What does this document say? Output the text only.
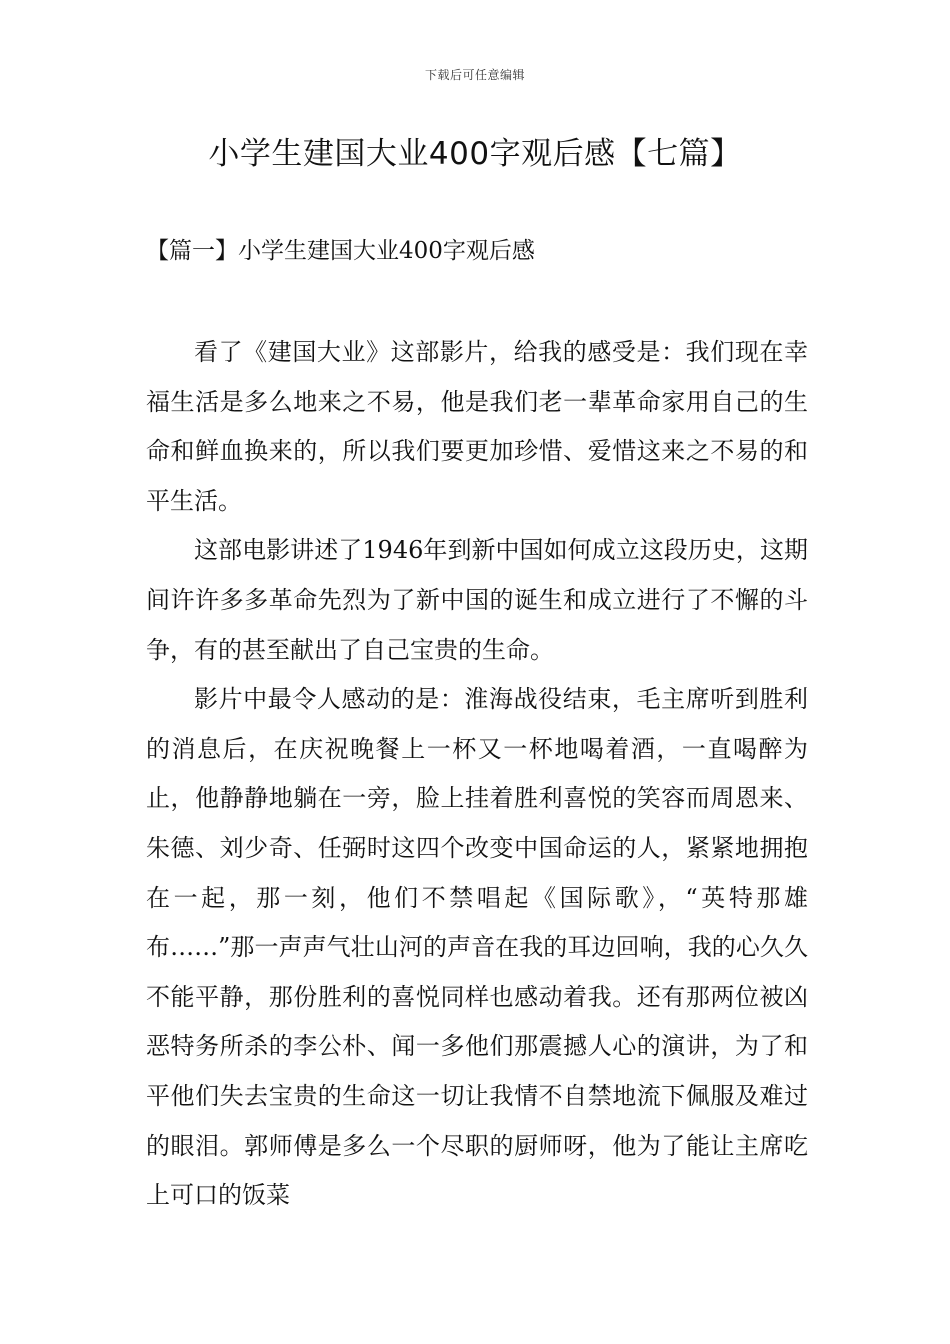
下载后可任意编辑
小学生建国大业400字观后感【七篇】
【篇一】小学生建国大业400字观后感

看了《建国大业》这部影片，给我的感受是：我们现在幸福生活是多么地来之不易，他是我们老一辈革命家用自己的生命和鲜血换来的，所以我们要更加珍惜、爱惜这来之不易的和平生活。

这部电影讲述了1946年到新中国如何成立这段历史，这期间许许多多革命先烈为了新中国的诞生和成立进行了不懈的斗争，有的甚至献出了自己宝贵的生命。

影片中最令人感动的是：淮海战役结束，毛主席听到胜利的消息后，在庆祝晚餐上一杯又一杯地喝着酒，一直喝醉为止，他静静地躺在一旁，脸上挂着胜利喜悦的笑容而周恩来、朱德、刘少奇、任弼时这四个改变中国命运的人，紧紧地拥抱在一起，那一刻，他们不禁唱起《国际歌》，“英特那雄布……”那一声声气壮山河的声音在我的耳边回响，我的心久久不能平静，那份胜利的喜悦同样也感动着我。还有那两位被凶恶特务所杀的李公朴、闻一多他们那震撼人心的演讲，为了和平他们失去宝贵的生命这一切让我情不自禁地流下佩服及难过的眼泪。郭师傅是多么一个尽职的厨师呀，他为了能让主席吃上可口的饭菜
